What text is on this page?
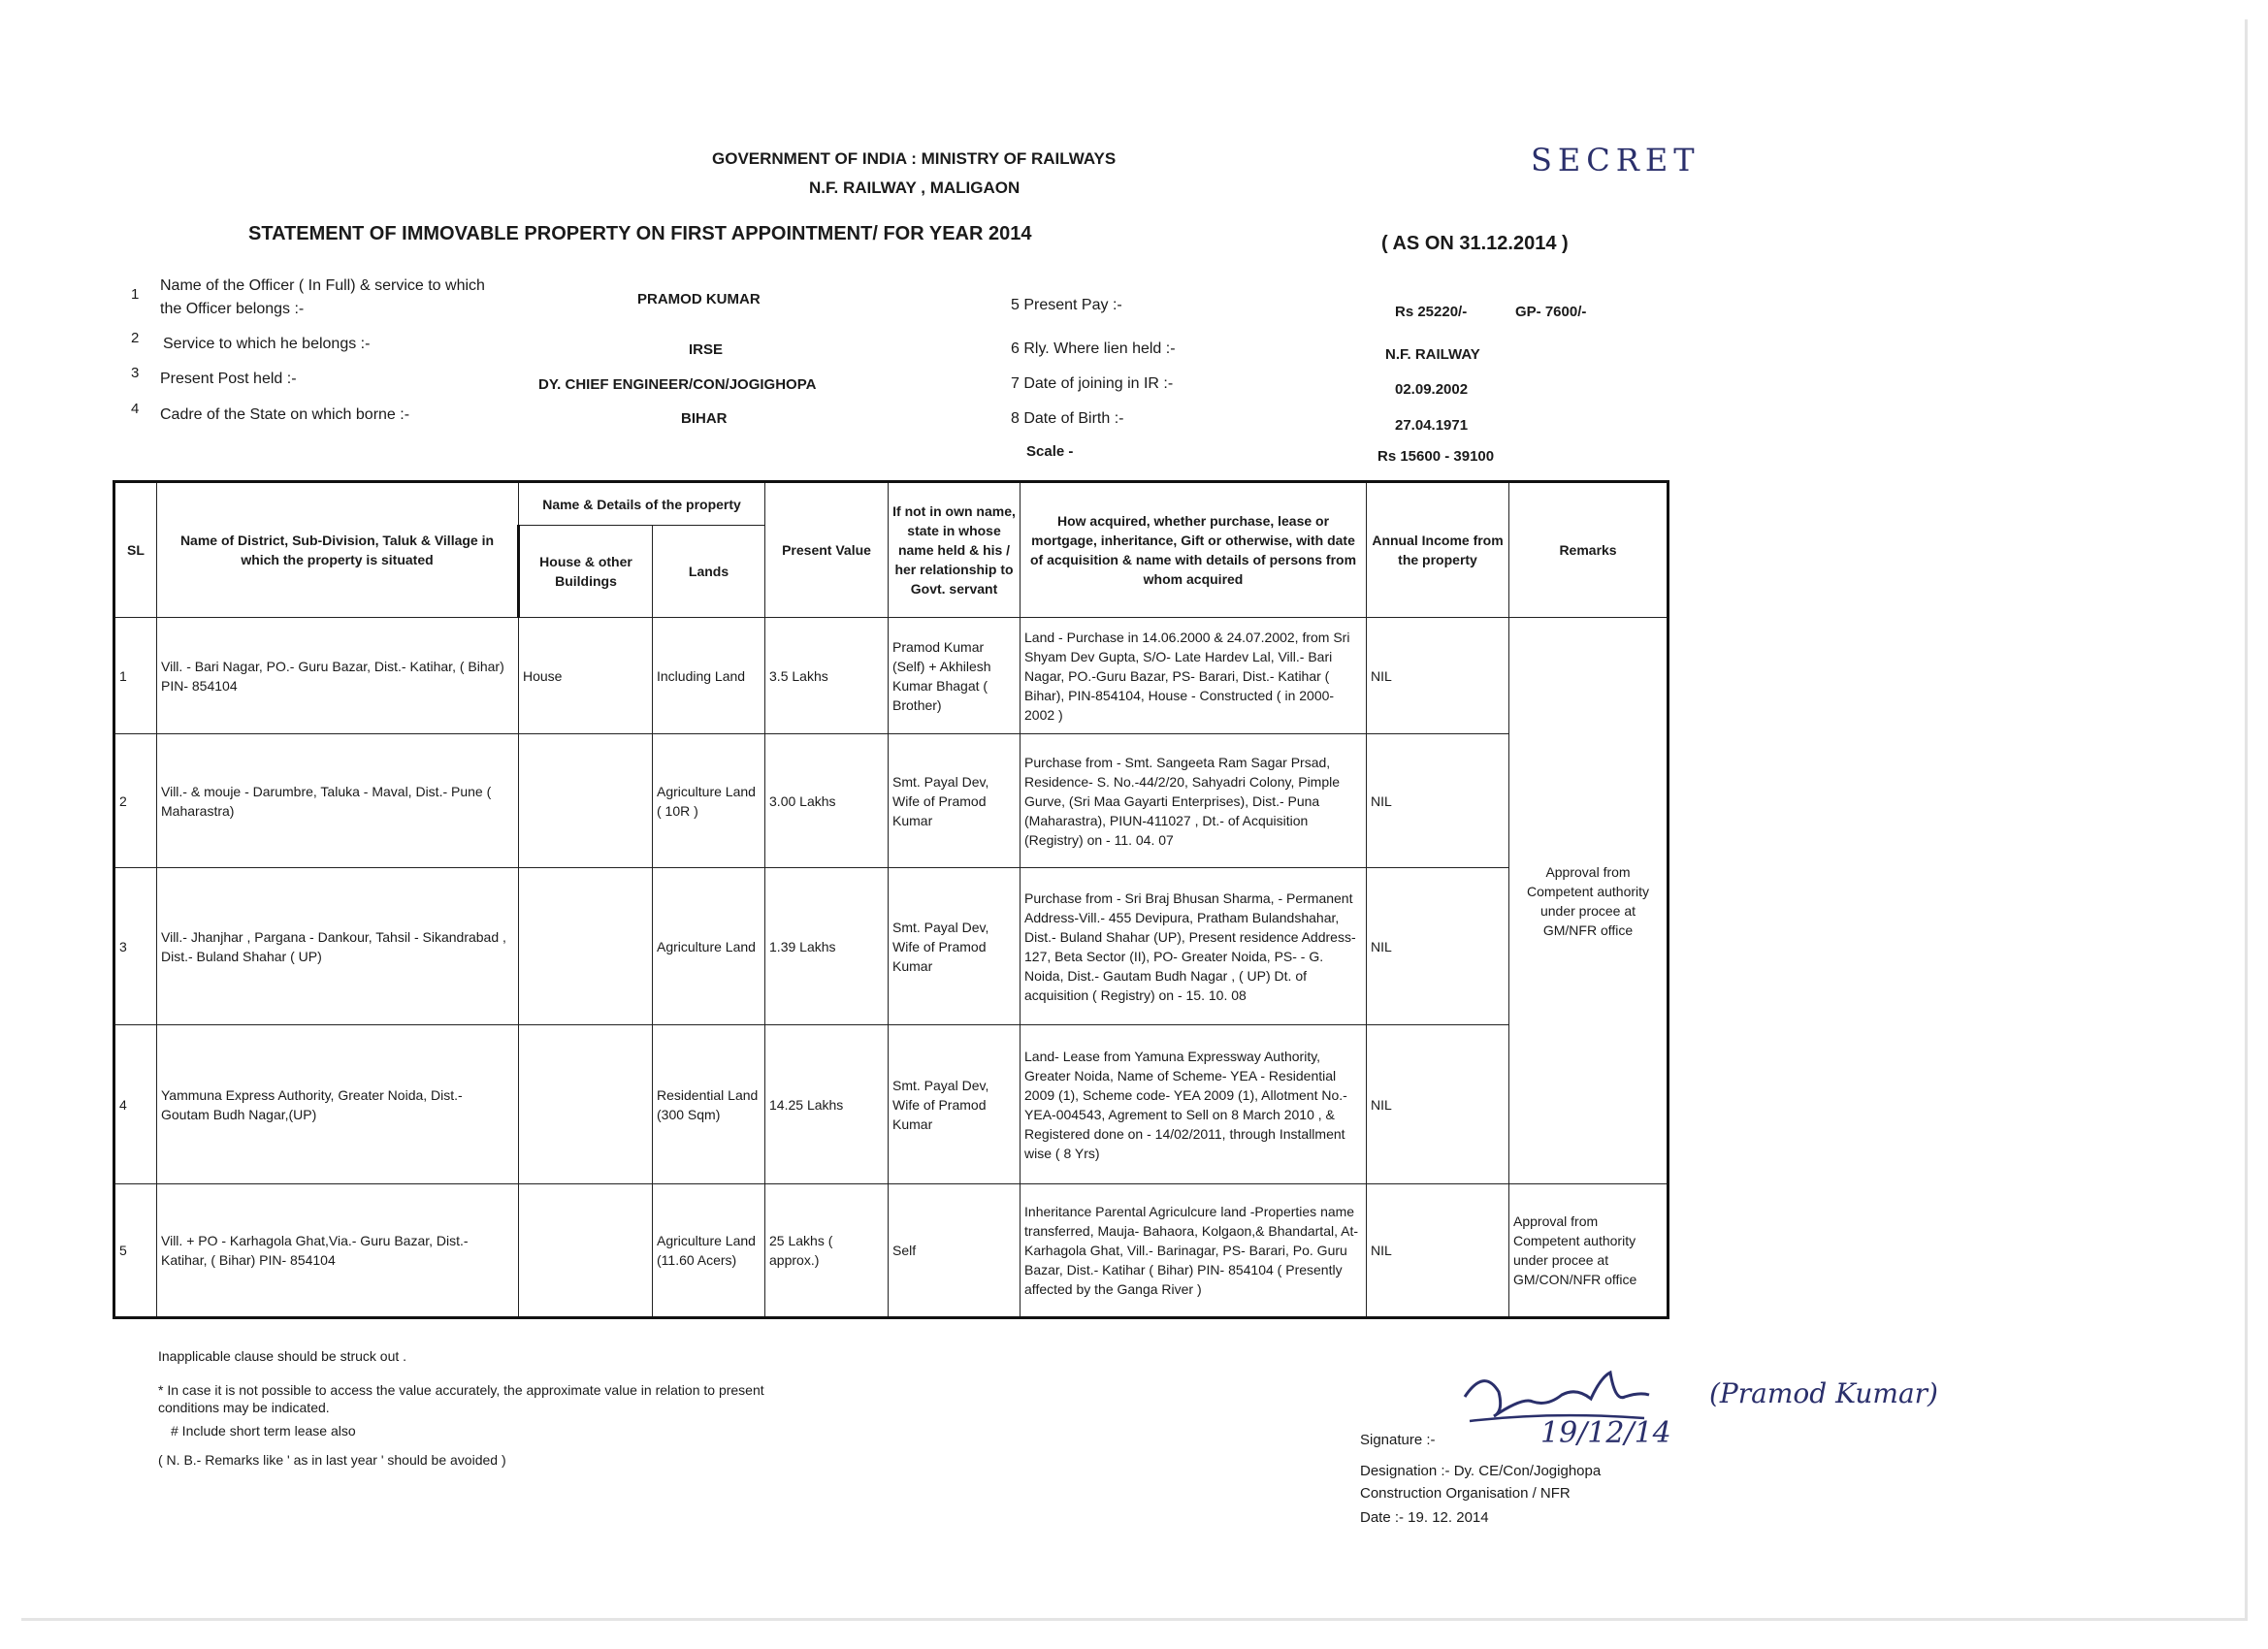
GOVERNMENT OF INDIA : MINISTRY OF RAILWAYS
N.F. RAILWAY , MALIGAON
SECRET
STATEMENT OF IMMOVABLE PROPERTY ON FIRST APPOINTMENT/ FOR YEAR 2014	( AS ON 31.12.2014 )
1
Name of the Officer ( In Full) & service to which
the Officer belongs :-
PRAMOD KUMAR
2 Service to which he belongs :-	IRSE
3 Present Post held :-	DY. CHIEF ENGINEER/CON/JOGIGHOPA
4 Cadre of the State on which borne :-	BIHAR
5 Present Pay :-	Rs 25220/-	GP- 7600/-
6 Rly. Where lien held :-	N.F. RAILWAY
7 Date of joining in IR :-	02.09.2002
8 Date of Birth :-	27.04.1971
Scale -	Rs 15600 - 39100
SL	Name of District, Sub-Division, Taluk & Village in which the property is situated	Name & Details of the property		Present Value	If not in own name, state in whose name held & his / her relationship to Govt. servant	How acquired, whether purchase, lease or mortgage, inheritance, Gift or otherwise, with date of acquisition & name with details of persons from whom acquired	Annual Income from the property	Remarks
		House & other Buildings	Lands					
1	Vill. - Bari Nagar, PO.- Guru Bazar, Dist.- Katihar, ( Bihar) PIN- 854104	House	Including Land	3.5 Lakhs	Pramod Kumar (Self) + Akhilesh Kumar Bhagat ( Brother)	Land - Purchase in 14.06.2000 & 24.07.2002, from Sri Shyam Dev Gupta, S/O- Late Hardev Lal, Vill.- Bari Nagar, PO.-Guru Bazar, PS- Barari, Dist.- Katihar ( Bihar), PIN-854104, House - Constructed ( in 2000-2002 )	NIL	Approval from Competent authority under procee at GM/NFR office
2	Vill.- & mouje - Darumbre, Taluka - Maval, Dist.- Pune ( Maharastra)		Agriculture Land ( 10R )	3.00 Lakhs	Smt. Payal Dev, Wife of Pramod Kumar	Purchase from - Smt. Sangeeta Ram Sagar Prsad, Residence- S. No.-44/2/20, Sahyadri Colony, Pimple Gurve, (Sri Maa Gayarti Enterprises), Dist.- Puna (Maharastra), PIUN-411027 , Dt.- of Acquisition (Registry) on - 11. 04. 07	NIL	
3	Vill.- Jhanjhar , Pargana - Dankour, Tahsil - Sikandrabad , Dist.- Buland Shahar ( UP)		Agriculture Land	1.39 Lakhs	Smt. Payal Dev, Wife of Pramod Kumar	Purchase from - Sri Braj Bhusan Sharma, - Permanent Address-Vill.- 455 Devipura, Pratham Bulandshahar, Dist.- Buland Shahar (UP), Present residence Address- 127, Beta Sector (II), PO- Greater Noida, PS- - G. Noida, Dist.- Gautam Budh Nagar , ( UP) Dt. of acquisition ( Registry) on - 15. 10. 08	NIL	
4	Yammuna Express Authority, Greater Noida, Dist.- Goutam Budh Nagar,(UP)		Residential Land (300 Sqm)	14.25 Lakhs	Smt. Payal Dev, Wife of Pramod Kumar	Land- Lease from Yamuna Expressway Authority, Greater Noida, Name of Scheme- YEA - Residential 2009 (1), Scheme code- YEA 2009 (1), Allotment No.- YEA-004543, Agrement to Sell on 8 March 2010 , & Registered done on - 14/02/2011, through Installment wise ( 8 Yrs)	NIL	
5	Vill. + PO - Karhagola Ghat,Via.- Guru Bazar, Dist.- Katihar, ( Bihar) PIN- 854104		Agriculture Land (11.60 Acers)	25 Lakhs ( approx.)	Self	Inheritance Parental Agriculcure land -Properties name transferred, Mauja- Bahaora, Kolgaon,& Bhandartal, At- Karhagola Ghat, Vill.- Barinagar, PS- Barari, Po. Guru Bazar, Dist.- Katihar ( Bihar) PIN- 854104 ( Presently affected by the Ganga River )	NIL	Approval from Competent authority under procee at GM/CON/NFR office
Inapplicable clause should be struck out .
* In case it is not possible to access the value accurately, the approximate value in relation to present
conditions may be indicated.
# Include short term lease also
( N. B.- Remarks like ' as in last year ' should be avoided )
Signature :-	19/12/14
(Pramod Kumar)
Designation :- Dy. CE/Con/Jogighopa
Construction Organisation / NFR
Date :- 19. 12. 2014
